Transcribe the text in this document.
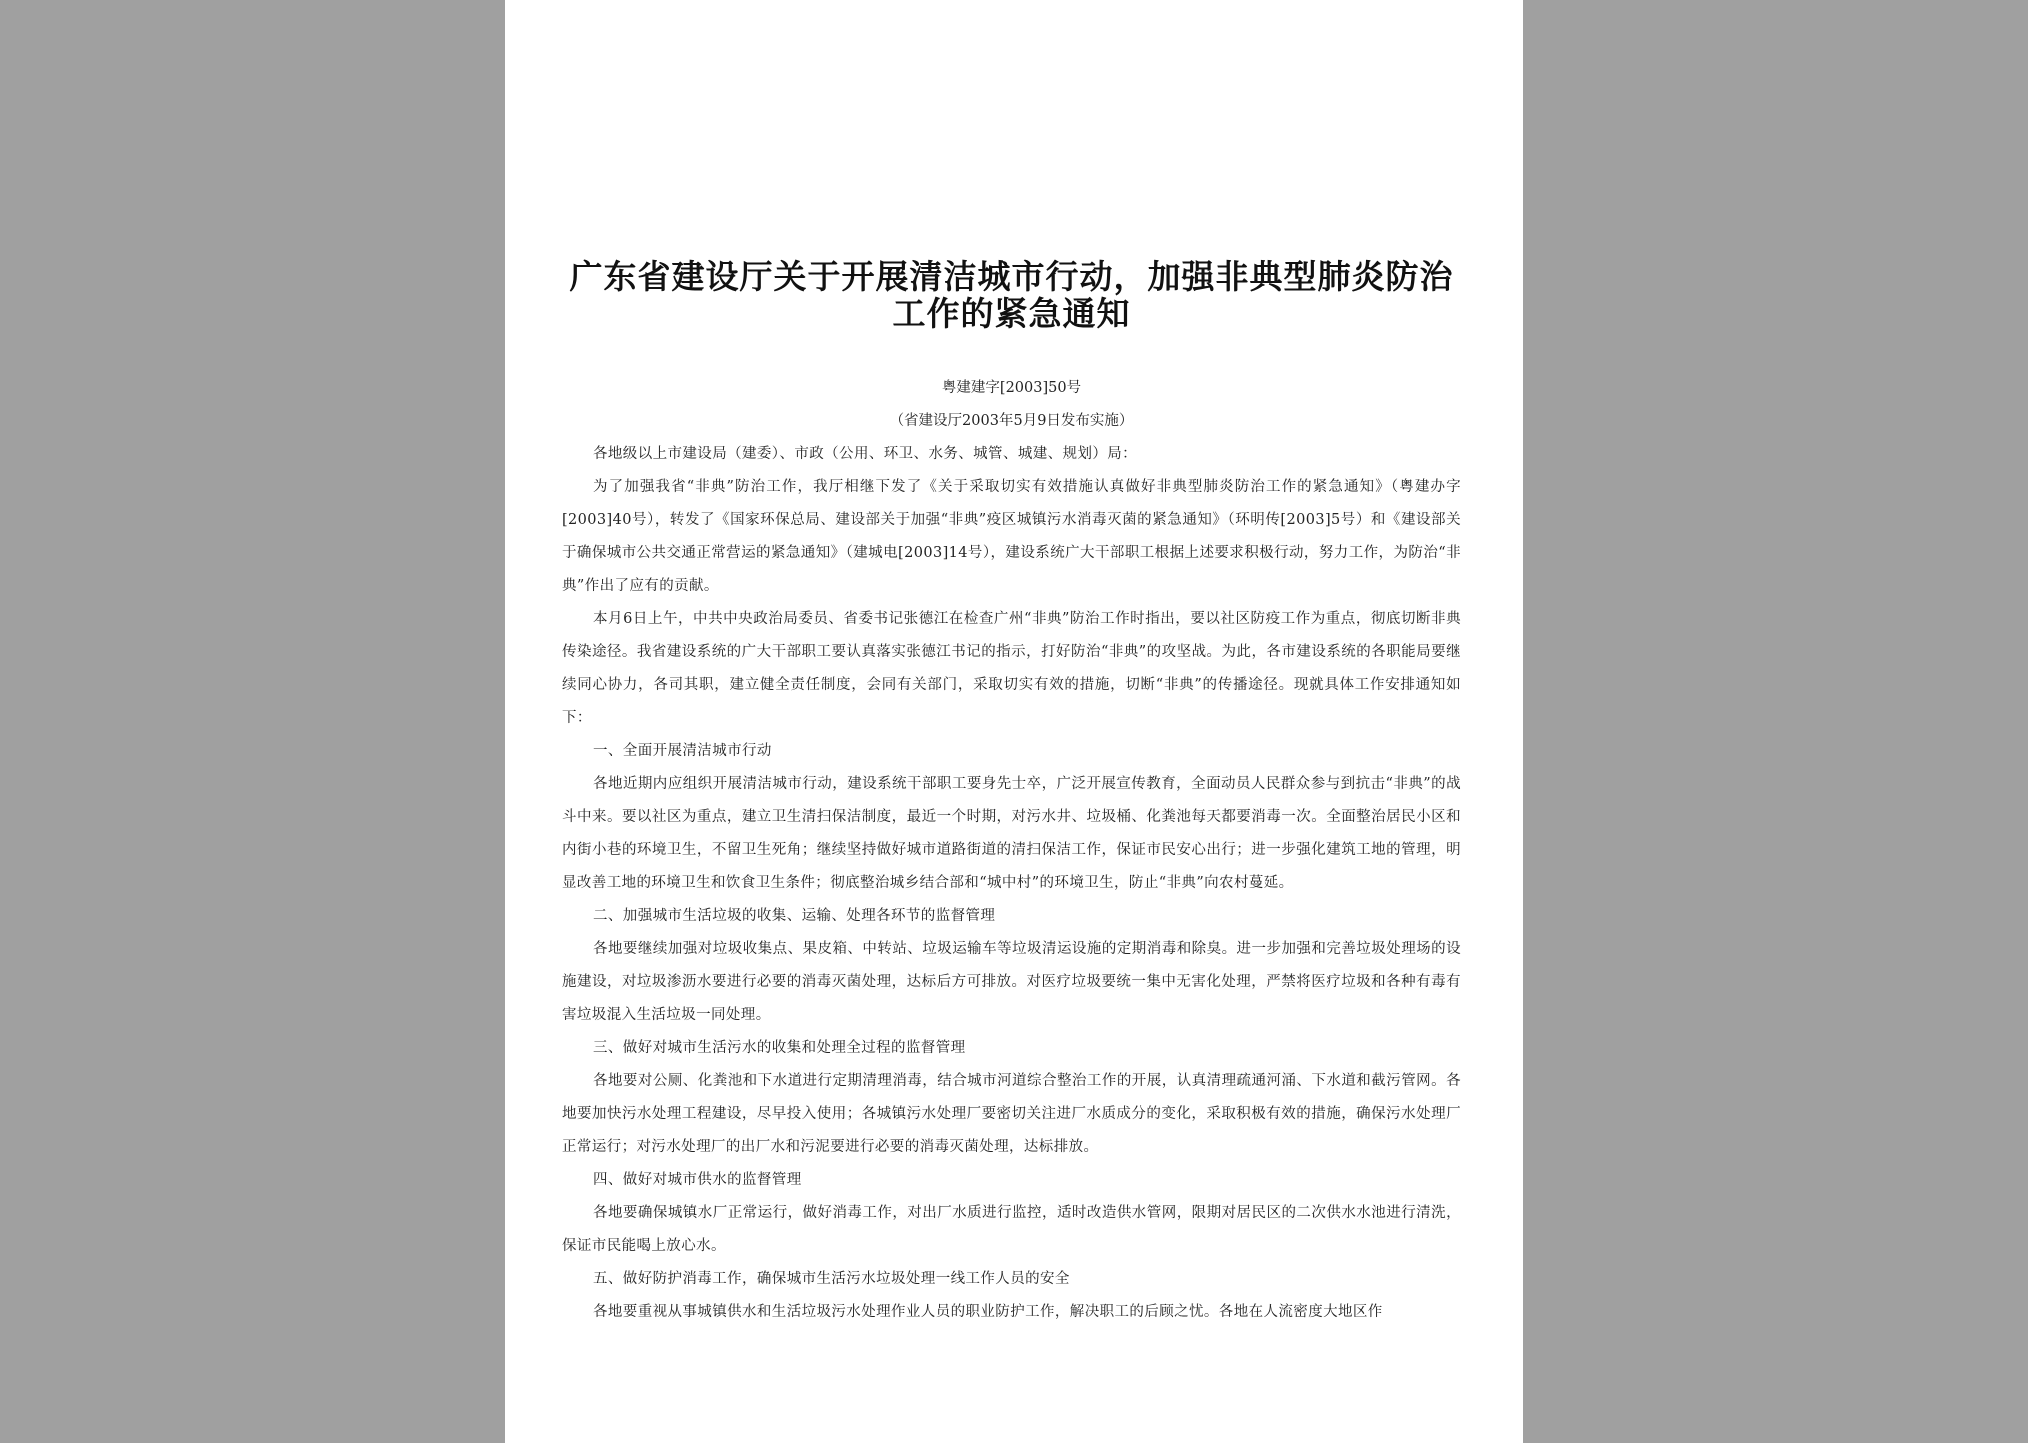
广东省建设厅关于开展清洁城市行动，加强非典型肺炎防治工作的紧急通知
粤建建字[2003]50号
（省建设厅2003年5月9日发布实施）

各地级以上市建设局（建委）、市政（公用、环卫、水务、城管、城建、规划）局：

为了加强我省“非典”防治工作，我厅相继下发了《关于采取切实有效措施认真做好非典型肺炎防治工作的紧急通知》（粤建办字[2003]40号），转发了《国家环保总局、建设部关于加强“非典”疫区城镇污水消毒灭菌的紧急通知》（环明传[2003]5号）和《建设部关于确保城市公共交通正常营运的紧急通知》（建城电[2003]14号），建设系统广大干部职工根据上述要求积极行动，努力工作，为防治“非典”作出了应有的贡献。

本月6日上午，中共中央政治局委员、省委书记张德江在检查广州“非典”防治工作时指出，要以社区防疫工作为重点，彻底切断非典传染途径。我省建设系统的广大干部职工要认真落实张德江书记的指示，打好防治“非典”的攻坚战。为此，各市建设系统的各职能局要继续同心协力，各司其职，建立健全责任制度，会同有关部门，采取切实有效的措施，切断“非典”的传播途径。现就具体工作安排通知如下：

一、全面开展清洁城市行动

各地近期内应组织开展清洁城市行动，建设系统干部职工要身先士卒，广泛开展宣传教育，全面动员人民群众参与到抗击“非典”的战斗中来。要以社区为重点，建立卫生清扫保洁制度，最近一个时期，对污水井、垃圾桶、化粪池每天都要消毒一次。全面整治居民小区和内街小巷的环境卫生，不留卫生死角；继续坚持做好城市道路街道的清扫保洁工作，保证市民安心出行；进一步强化建筑工地的管理，明显改善工地的环境卫生和饮食卫生条件；彻底整治城乡结合部和“城中村”的环境卫生，防止“非典”向农村蔓延。

二、加强城市生活垃圾的收集、运输、处理各环节的监督管理

各地要继续加强对垃圾收集点、果皮箱、中转站、垃圾运输车等垃圾清运设施的定期消毒和除臭。进一步加强和完善垃圾处理场的设施建设，对垃圾渗沥水要进行必要的消毒灭菌处理，达标后方可排放。对医疗垃圾要统一集中无害化处理，严禁将医疗垃圾和各种有毒有害垃圾混入生活垃圾一同处理。

三、做好对城市生活污水的收集和处理全过程的监督管理

各地要对公厕、化粪池和下水道进行定期清理消毒，结合城市河道综合整治工作的开展，认真清理疏通河涌、下水道和截污管网。各地要加快污水处理工程建设，尽早投入使用；各城镇污水处理厂要密切关注进厂水质成分的变化，采取积极有效的措施，确保污水处理厂正常运行；对污水处理厂的出厂水和污泥要进行必要的消毒灭菌处理，达标排放。

四、做好对城市供水的监督管理

各地要确保城镇水厂正常运行，做好消毒工作，对出厂水质进行监控，适时改造供水管网，限期对居民区的二次供水水池进行清洗，保证市民能喝上放心水。

五、做好防护消毒工作，确保城市生活污水垃圾处理一线工作人员的安全

各地要重视从事城镇供水和生活垃圾污水处理作业人员的职业防护工作，解决职工的后顾之忧。各地在人流密度大地区作
